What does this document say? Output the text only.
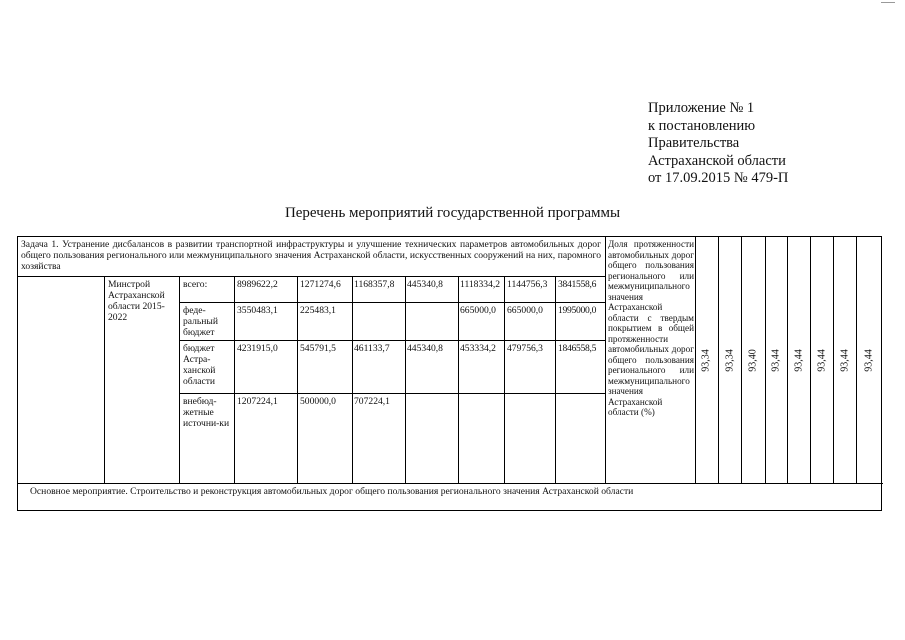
Приложение № 1
к постановлению
Правительства
Астраханской области
от 17.09.2015 № 479-П
Перечень мероприятий государственной программы
Задача 1. Устранение дисбалансов в развитии транспортной инфраструктуры и улучшение технических параметров автомобильных дорог общего пользования регионального или межмуниципального значения Астраханской области, искусственных сооружений на них, паромного хозяйства
Минстрой Астраханской области 2015-2022
всего:	8989622,2 1271274,6 1168357,8 445340,8 1118334,2 1144756,3 3841558,6
феде-ральный бюджет
3550483,1 225483,1	665000,0 665000,0 1995000,0
бюджет Астра-ханской области
4231915,0 545791,5 461133,7 445340,8 453334,2 479756,3 1846558,5
внебюд-жетные источни-ки
1207224,1 500000,0 707224,1
Доля протяженности автомобильных дорог общего пользования регионального или межмуниципального значения Астраханской области с твердым покрытием в общей протяженности автомобильных дорог общего пользования регионального или межмуниципального значения Астраханской области (%)
93,34 93,34 93,40 93,44 93,44 93,44 93,44 93,44
Основное мероприятие. Строительство и реконструкция автомобильных дорог общего пользования регионального значения Астраханской области
